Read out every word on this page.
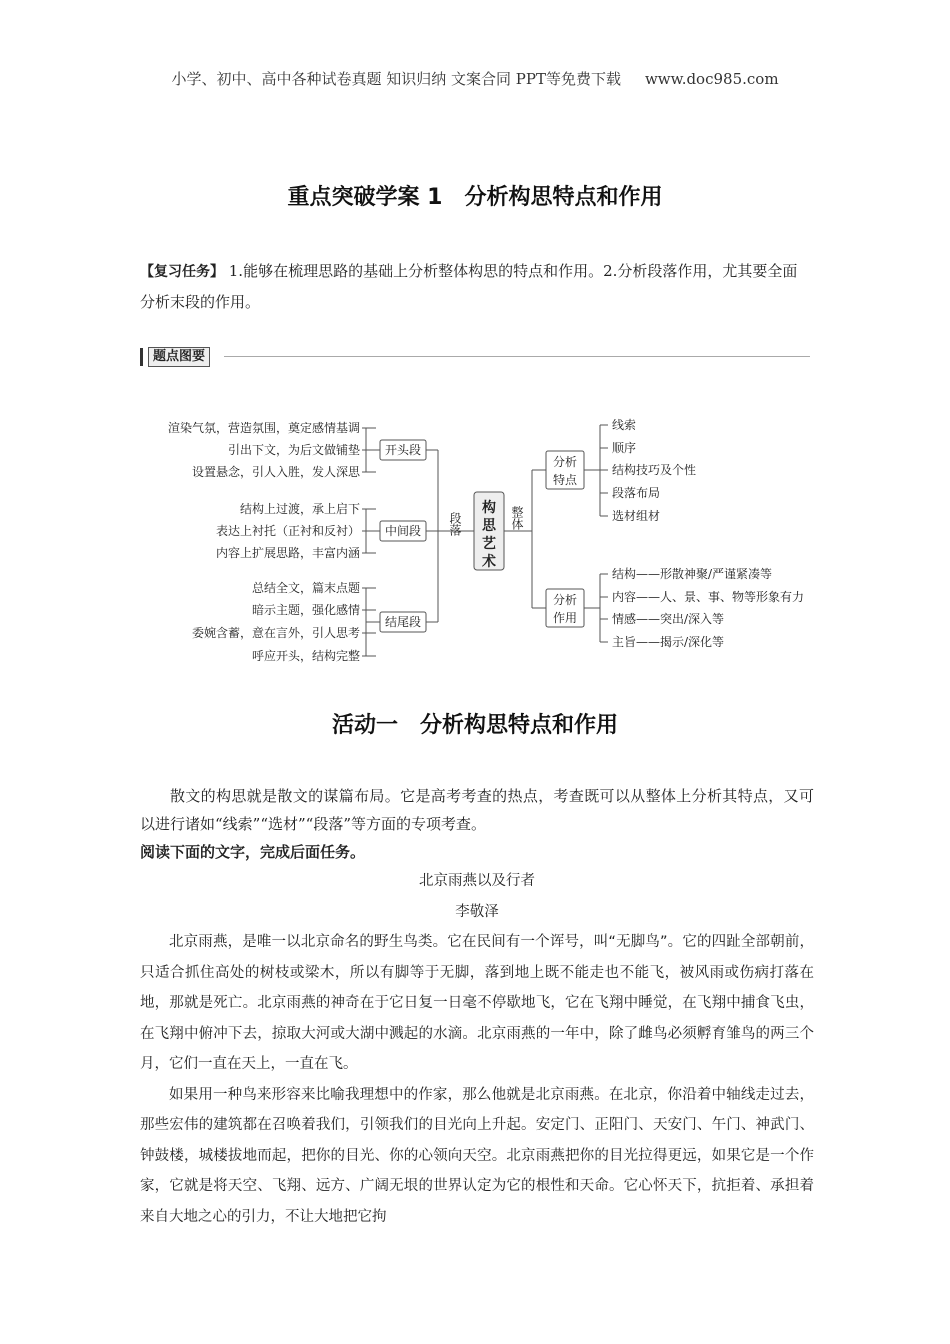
小学、初中、高中各种试卷真题 知识归纳 文案合同 PPT等免费下载 www.doc985.com
重点突破学案 1　分析构思特点和作用
【复习任务】 1.能够在梳理思路的基础上分析整体构思的特点和作用。2.分析段落作用，尤其要全面分析末段的作用。
题点图要
渲染气氛，营造氛围，奠定感情基调
引出下文，为后文做铺垫
设置悬念，引人入胜，发人深思
结构上过渡，承上启下
表达上衬托（正衬和反衬）
内容上扩展思路，丰富内涵
总结全文，篇末点题
暗示主题，强化感情
委婉含蓄，意在言外，引人思考
呼应开头，结构完整
开头段
中间段
结尾段
段落	整体
构
思
艺
术
分析
特点
分析
作用
线索
顺序
结构技巧及个性
段落布局
选材组材
结构——形散神聚/严谨紧凑等
内容——人、景、事、物等形象有力
情感——突出/深入等
主旨——揭示/深化等
活动一　分析构思特点和作用

散文的构思就是散文的谋篇布局。它是高考考查的热点，考查既可以从整体上分析其特点，又可以进行诸如“线索”“选材”“段落”等方面的专项考查。

阅读下面的文字，完成后面任务。

北京雨燕以及行者

李敬泽

北京雨燕，是唯一以北京命名的野生鸟类。它在民间有一个诨号，叫“无脚鸟”。它的四趾全部朝前，只适合抓住高处的树枝或梁木，所以有脚等于无脚，落到地上既不能走也不能飞，被风雨或伤病打落在地，那就是死亡。北京雨燕的神奇在于它日复一日毫不停歇地飞，它在飞翔中睡觉，在飞翔中捕食飞虫，在飞翔中俯冲下去，掠取大河或大湖中溅起的水滴。北京雨燕的一年中，除了雌鸟必须孵育雏鸟的两三个月，它们一直在天上，一直在飞。

如果用一种鸟来形容来比喻我理想中的作家，那么他就是北京雨燕。在北京，你沿着中轴线走过去，那些宏伟的建筑都在召唤着我们，引领我们的目光向上升起。安定门、正阳门、天安门、午门、神武门、钟鼓楼，城楼拔地而起，把你的目光、你的心领向天空。北京雨燕把你的目光拉得更远，如果它是一个作家，它就是将天空、飞翔、远方、广阔无垠的世界认定为它的根性和天命。它心怀天下，抗拒着、承担着来自大地之心的引力，不让大地把它拘
